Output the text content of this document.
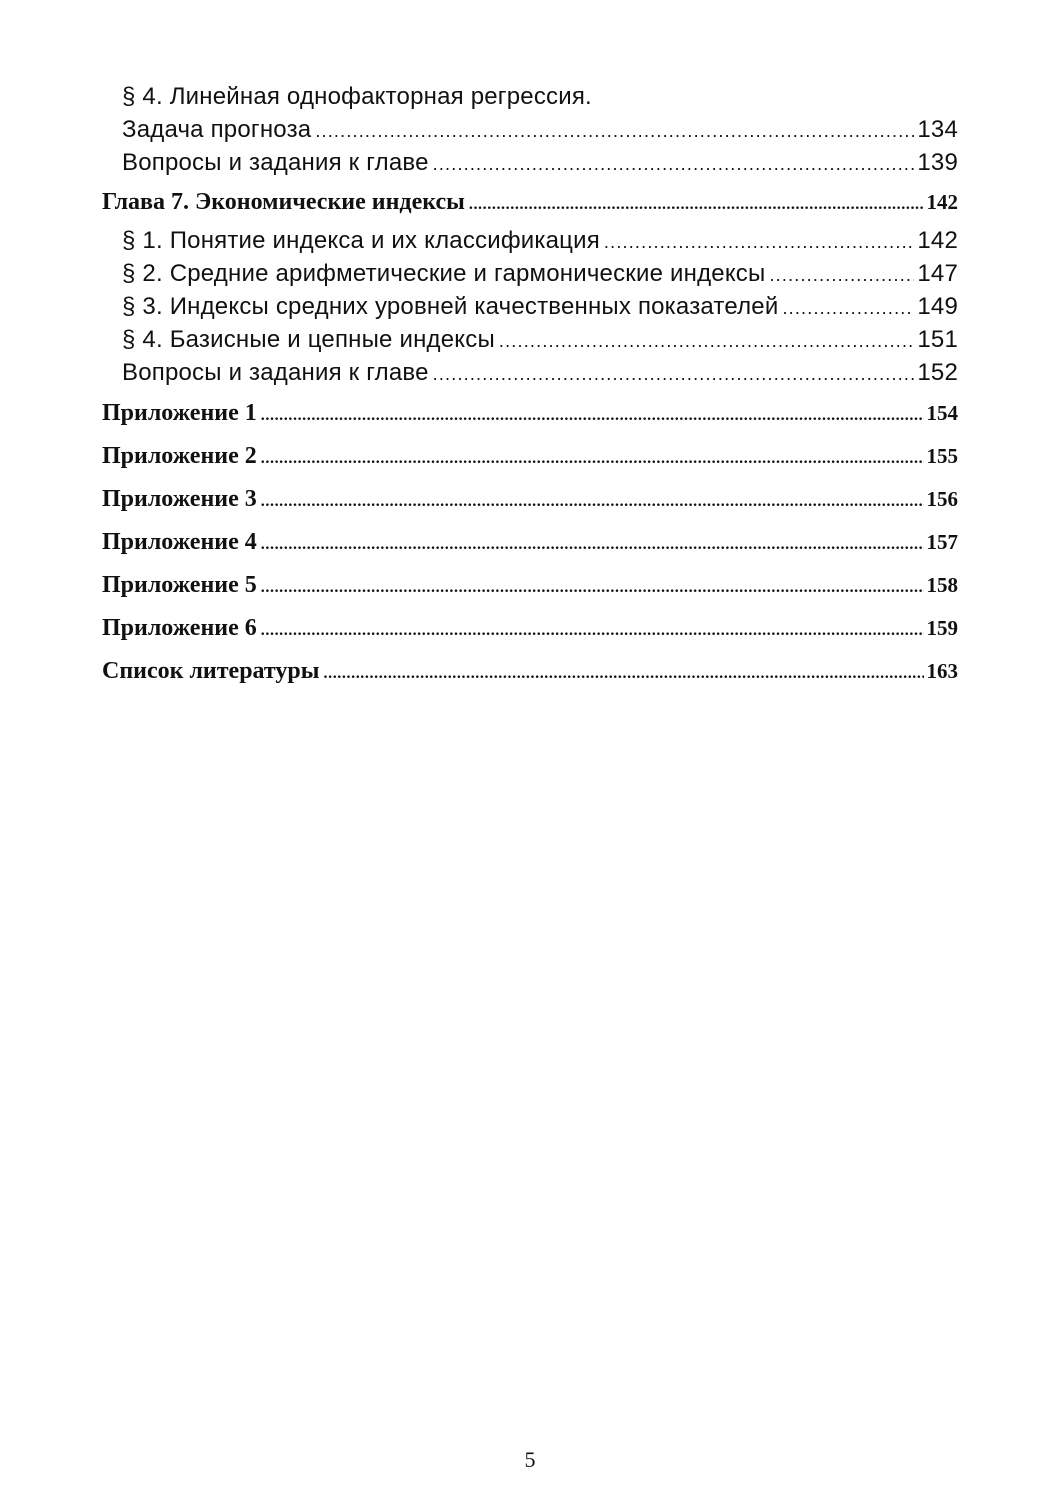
§ 4. Линейная однофакторная регрессия.
Задача прогноза .....	134
Вопросы и задания к главе .....	139
Глава 7. Экономические индексы .....	142
§ 1. Понятие индекса и их классификация .....	142
§ 2. Средние арифметические и гармонические индексы .....	147
§ 3. Индексы средних уровней качественных показателей .....	149
§ 4. Базисные и цепные индексы .....	151
Вопросы и задания к главе .....	152
Приложение 1 .....	154
Приложение 2 .....	155
Приложение 3 .....	156
Приложение 4 .....	157
Приложение 5 .....	158
Приложение 6 .....	159
Список литературы .....	163
5
